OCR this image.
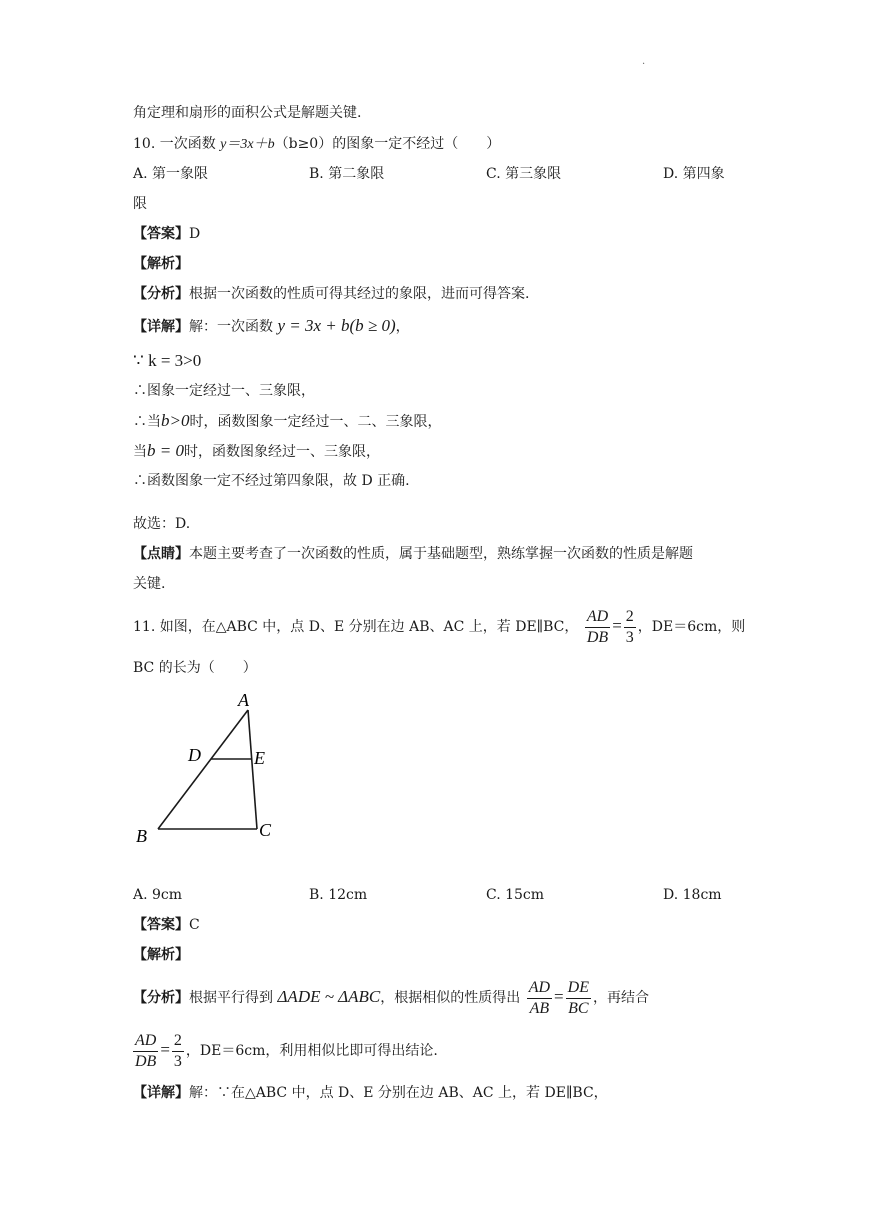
.
角定理和扇形的面积公式是解题关键.
10. 一次函数 y＝3x＋b（b≥0）的图象一定不经过（　　）
A. 第一象限	B. 第二象限	C. 第三象限	D. 第四象
限
【答案】D
【解析】
【分析】根据一次函数的性质可得其经过的象限，进而可得答案.
【详解】解：一次函数 y = 3x + b(b ≥ 0)，
∵ k = 3>0
∴图象一定经过一、三象限，
∴当b>0时，函数图象一定经过一、二、三象限，
当b = 0时，函数图象经过一、三象限，
∴函数图象一定不经过第四象限，故 D 正确.
故选：D.
【点睛】本题主要考查了一次函数的性质，属于基础题型，熟练掌握一次函数的性质是解题
关键.
11. 如图，在△ABC 中，点 D、E 分别在边 AB、AC 上，若 DE∥BC， $\frac{AD}{DB} = \frac{2}{3}$ ，DE＝6cm，则
BC 的长为（　　）
A
D	E
B	C
A. 9cm	B. 12cm	C. 15cm	D. 18cm
【答案】C
【解析】
【分析】根据平行得到 ΔADE ~ ΔABC，根据相似的性质得出 $\frac{AD}{AB} = \frac{DE}{BC}$ ，再结合
$\frac{AD}{DB} = \frac{2}{3}$ ，DE＝6cm，利用相似比即可得出结论.
【详解】解：∵在△ABC 中，点 D、E 分别在边 AB、AC 上，若 DE∥BC，
